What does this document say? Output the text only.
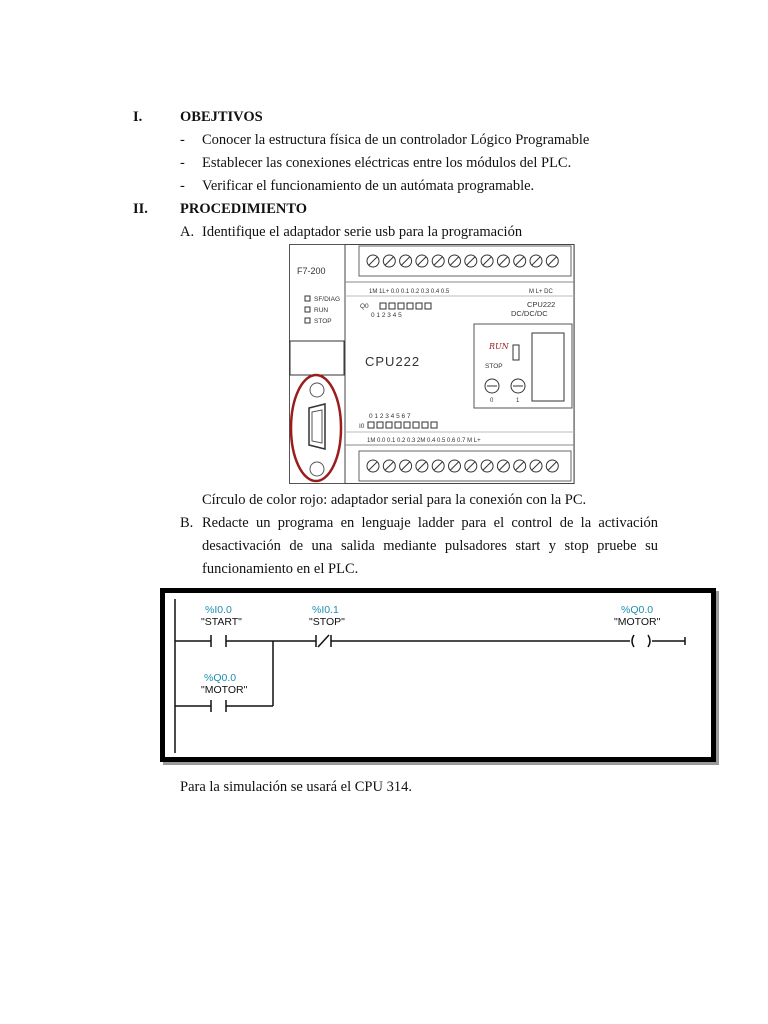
I.	OBEJTIVOS
- Conocer la estructura física de un controlador Lógico Programable
- Establecer las conexiones eléctricas entre los módulos del PLC.
- Verificar el funcionamiento de un autómata programable.
II. PROCEDIMIENTO
A. Identifique el adaptador serie usb para la programación
F7-200
SF/DIAG
RUN
STOP
1M 1L+ 0.0 0.1 0.2 0.3 0.4 0.5	M L+ DC
Q0
0 1 2 3 4 5
CPU222
DC/DC/DC
CPU222
RUN
STOP
0	1
0 1 2 3 4 5 6 7
I0
1M 0.0 0.1 0.2 0.3 2M 0.4 0.5 0.6 0.7 M L+
Círculo de color rojo: adaptador serial para la conexión con la PC.
B. Redacte un programa en lenguaje ladder para el control de la activación
desactivación de una salida mediante pulsadores start y stop pruebe su
funcionamiento en el PLC.
%I0.0
"START"
%I0.1
"STOP"
%Q0.0
"MOTOR"
%Q0.0
"MOTOR"
Para la simulación se usará el CPU 314.
